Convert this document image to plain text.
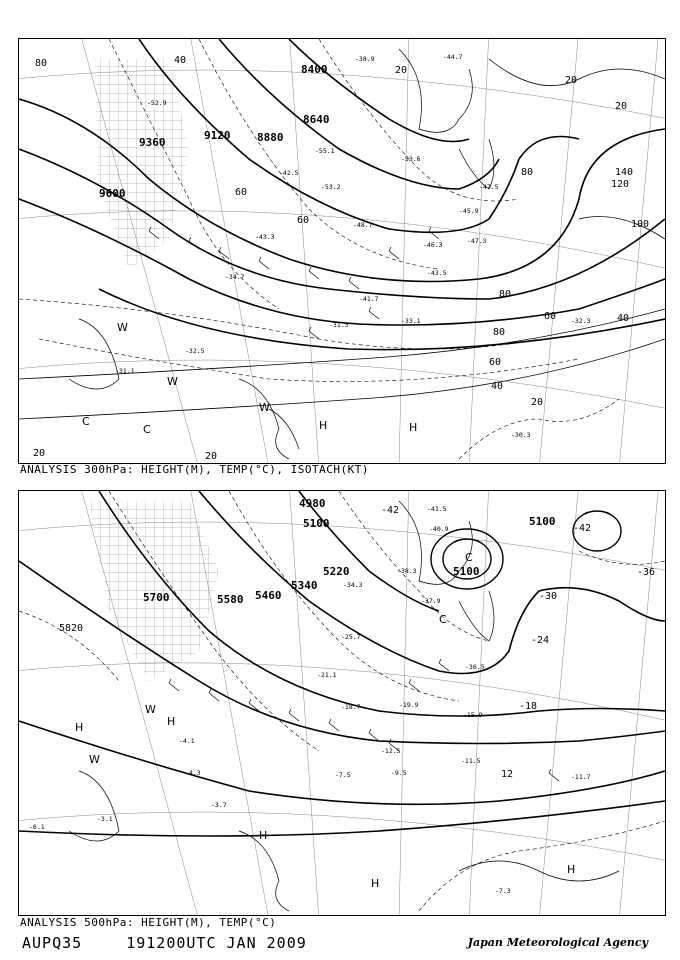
8400
8640
9360
9120 8880
9600
80	40
20
20
20
120
140
100
60
80
80
60
40
20
20
80
60	40
60
20
-55.1
-53.2
-52.9
-53.6
-48.7
-45.9
-47.3
-43.3
-41.7
-33.1
-31.3	-32.3
-34.7
-32.5
-31.1
-47.5
-42.5
-46.3
-43.5
-30.3
-38.9	-44.7
C
C	H	H
W
W
W
ANALYSIS 300hPa: HEIGHT(M), TEMP(°C), ISOTACH(KT)
4980
5100
5100
5100
5220
5340
5460
5580
5700
5820
-42
-42
-36
-30
-24
-18
12
-41.5
-40.9
-38.3
-37.9
-36.5
-34.3
-25.7
-21.1
-19.9
-18.7
-15.9
-12.5
-11.5
-11.7
-9.5
-7.5
-7.3
-4.3
-3.7
-3.1
-4.1
-6.1
C
C
H
H
H
H
H
W
W
ANALYSIS 500hPa: HEIGHT(M), TEMP(°C)
AUPQ35	191200UTC JAN 2009	Japan Meteorological Agency
